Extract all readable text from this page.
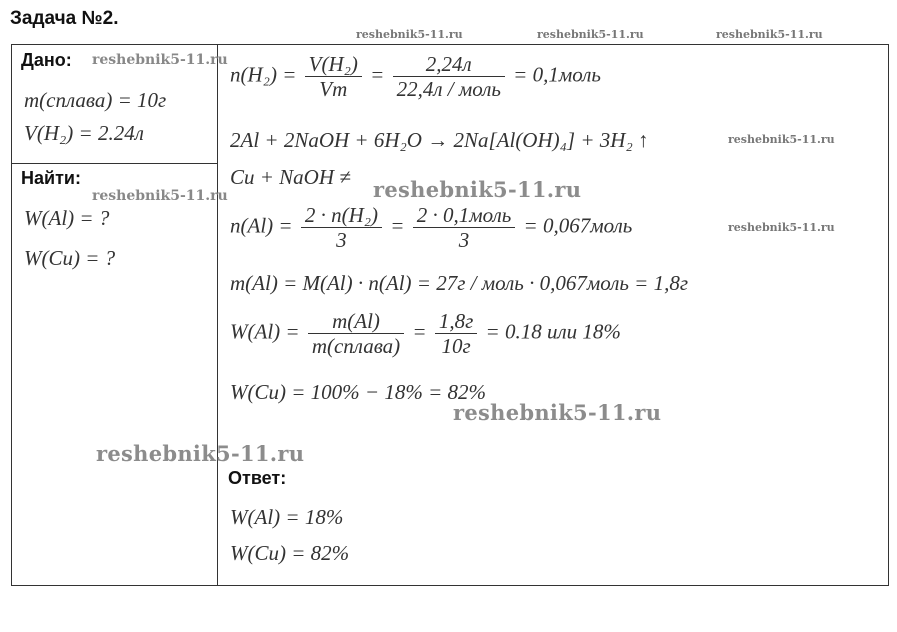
Задача №2.
reshebnik5-11.ru	reshebnik5-11.ru	reshebnik5-11.ru
Дано: reshebnik5-11.ru
m(сплава) = 10г
V(H₂) = 2.24л
Найти:
reshebnik5-11.ru
W(Al) = ?
W(Cu) = ?
$n(H_2) = \frac{\text{V(H₂)}}{Vm} = \frac{2,24л}{\text{22,4л / моль}}$ = 0,1моль
2Al + 2NaOH + 6H₂O → 2Na[Al(OH)₄] + 3H₂ ↑	reshebnik5-11.ru
Cu + NaOH ≠ reshebnik5-11.ru
$n(Al) = \frac{\text{2 · n(H₂)}}{3} = \frac{\text{2 · 0,1моль}}{3}$ = 0,067моль	reshebnik5-11.ru
m(Al) = M(Al) · n(Al) = 27г / моль · 0,067моль = 1,8г
$W(Al) = \frac{m(Al)}{\text{m(сплава)}} = \frac{1,8г}{10г} = 0.18$ или 18%
W(Cu) = 100% − 18% = 82%
reshebnik5-11.ru
reshebnik5-11.ru
Ответ:
W(Al) = 18%
W(Cu) = 82%
